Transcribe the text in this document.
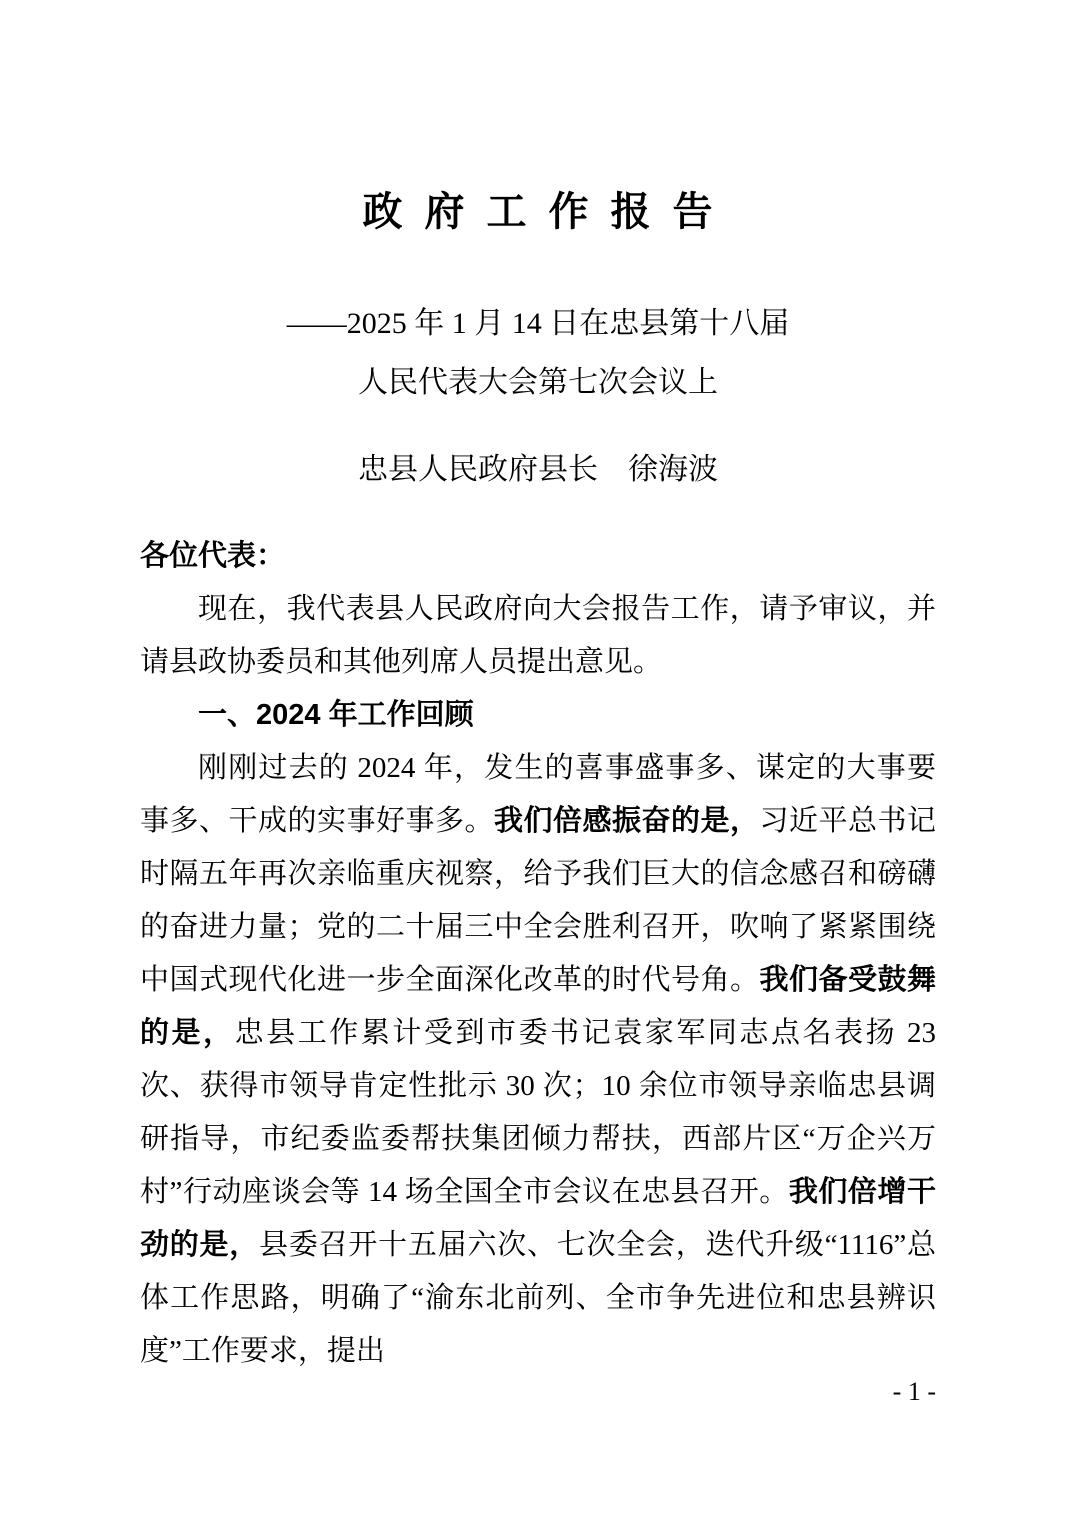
政 府 工 作 报 告
——2025 年 1 月 14 日在忠县第十八届
人民代表大会第七次会议上
忠县人民政府县长　徐海波

各位代表：

现在，我代表县人民政府向大会报告工作，请予审议，并请县政协委员和其他列席人员提出意见。

一、2024 年工作回顾

刚刚过去的 2024 年，发生的喜事盛事多、谋定的大事要事多、干成的实事好事多。我们倍感振奋的是，习近平总书记时隔五年再次亲临重庆视察，给予我们巨大的信念感召和磅礴的奋进力量；党的二十届三中全会胜利召开，吹响了紧紧围绕中国式现代化进一步全面深化改革的时代号角。我们备受鼓舞的是，忠县工作累计受到市委书记袁家军同志点名表扬 23 次、获得市领导肯定性批示 30 次；10 余位市领导亲临忠县调研指导，市纪委监委帮扶集团倾力帮扶，西部片区“万企兴万村”行动座谈会等 14 场全国全市会议在忠县召开。我们倍增干劲的是，县委召开十五届六次、七次全会，迭代升级“1116”总体工作思路，明确了“渝东北前列、全市争先进位和忠县辨识度”工作要求，提出

- 1 -
